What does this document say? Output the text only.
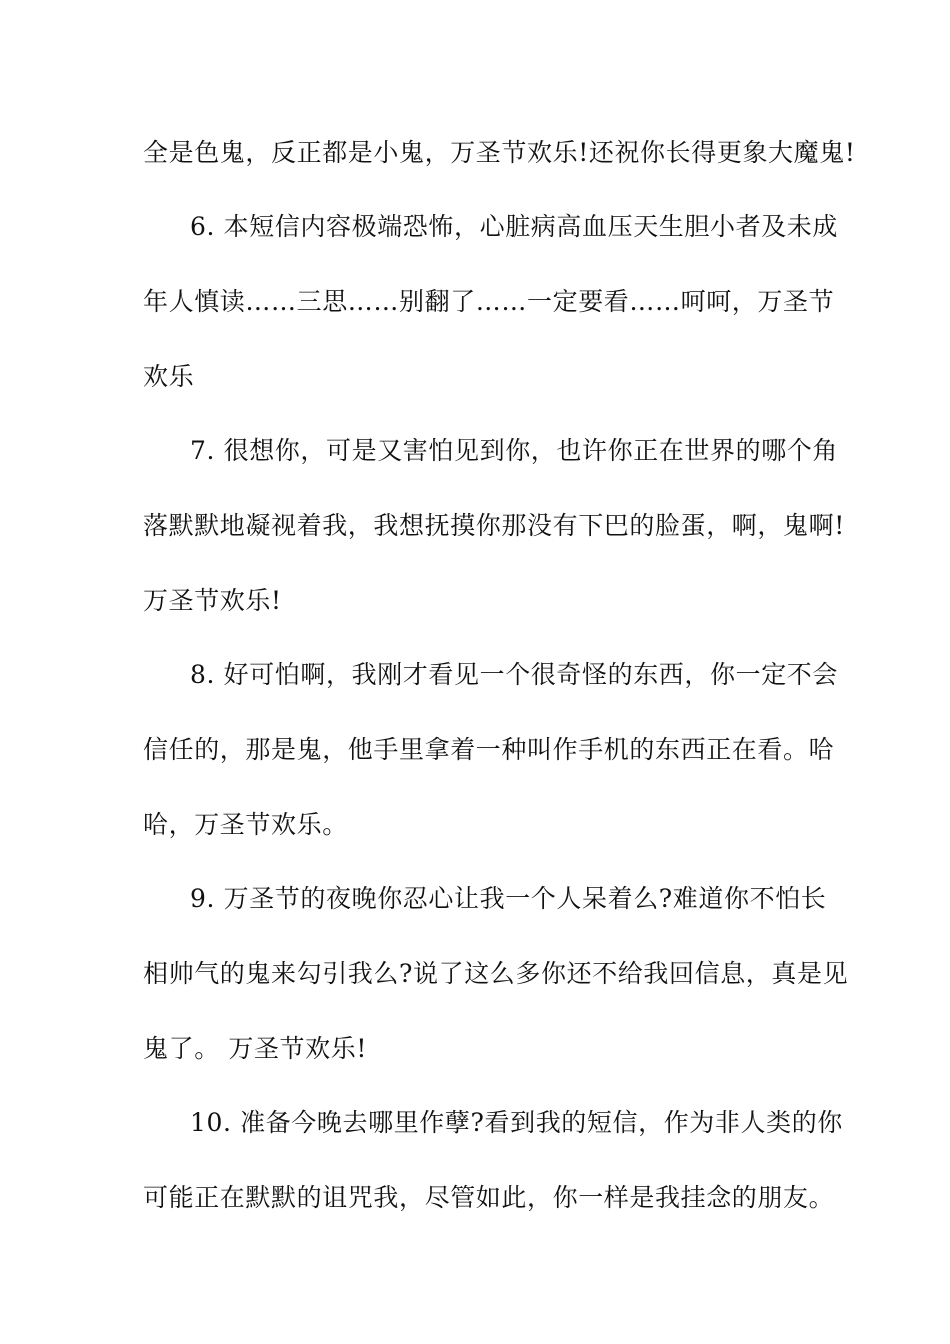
全是色鬼，反正都是小鬼，万圣节欢乐!还祝你长得更象大魔鬼!
6. 本短信内容极端恐怖，心脏病高血压天生胆小者及未成
年人慎读……三思……别翻了……一定要看……呵呵，万圣节
欢乐
7. 很想你，可是又害怕见到你，也许你正在世界的哪个角
落默默地凝视着我，我想抚摸你那没有下巴的脸蛋，啊，鬼啊!
万圣节欢乐!
8. 好可怕啊，我刚才看见一个很奇怪的东西，你一定不会
信任的，那是鬼，他手里拿着一种叫作手机的东西正在看。哈
哈，万圣节欢乐。
9. 万圣节的夜晚你忍心让我一个人呆着么?难道你不怕长
相帅气的鬼来勾引我么?说了这么多你还不给我回信息，真是见
鬼了。 万圣节欢乐!
10. 准备今晚去哪里作孽?看到我的短信，作为非人类的你
可能正在默默的诅咒我，尽管如此，你一样是我挂念的朋友。
